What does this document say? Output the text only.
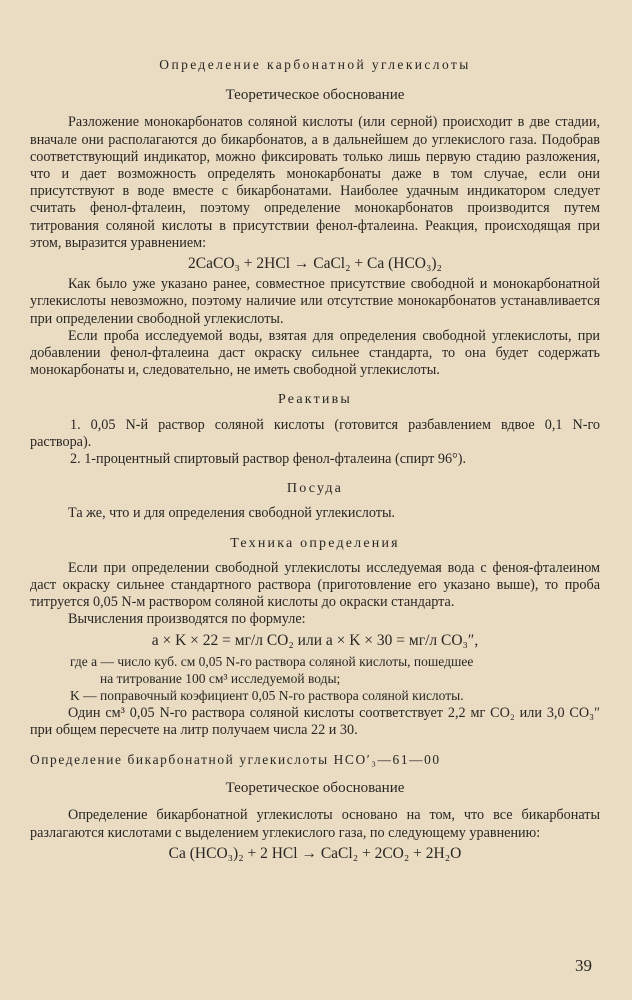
Определение карбонатной углекислоты
Теоретическое обоснование

Разложение монокарбонатов соляной кислоты (или серной) происходит в две стадии, вначале они располагаются до бикарбонатов, а в дальнейшем до углекислого газа. Подобрав соответствующий индикатор, можно фиксировать только лишь первую стадию разложения, что и дает возможность определять монокарбонаты даже в том случае, если они присутствуют в воде вместе с бикарбонатами. Наиболее удачным индикатором следует считать фенол-фталеин, поэтому определение монокарбонатов производится путем титрования соляной кислоты в присутствии фенол-фталеина. Реакция, происходящая при этом, выразится уравнением:

2CaCO₃ + 2HCl → CaCl₂ + Ca (HCO₃)₂

Как было уже указано ранее, совместное присутствие свободной и монокарбонатной углекислоты невозможно, поэтому наличие или отсутствие монокарбонатов устанавливается при определении свободной углекислоты.

Если проба исследуемой воды, взятая для определения свободной углекислоты, при добавлении фенол-фталеина даст окраску сильнее стандарта, то она будет содержать монокарбонаты и, следовательно, не иметь свободной углекислоты.

Реактивы

1. 0,05 N-й раствор соляной кислоты (готовится разбавлением вдвое 0,1 N-го раствора).

2. 1-процентный спиртовый раствор фенол-фталеина (спирт 96°).

Посуда

Та же, что и для определения свободной углекислоты.

Техника определения

Если при определении свободной углекислоты исследуемая вода с феноя-фталеином даст окраску сильнее стандартного раствора (приготовление его указано выше), то проба титруется 0,05 N-м раствором соляной кислоты до окраски стандарта.

Вычисления производятся по формуле:

a × K × 22 = мг/л CO₂ или a × K × 30 = мг/л CO₃″,
где a — число куб. см 0,05 N-го раствора соляной кислоты, пошедшее
на титрование 100 см³ исследуемой воды;
K — поправочный коэфициент 0,05 N-го раствора соляной кислоты.

Один см³ 0,05 N-го раствора соляной кислоты соответствует 2,2 мг CO₂ или 3,0 CO₃″ при общем пересчете на литр получаем числа 22 и 30.

Определение бикарбонатной углекислоты HCO′₃—61—00
Теоретическое обоснование

Определение бикарбонатной углекислоты основано на том, что все бикарбонаты разлагаются кислотами с выделением углекислого газа, по следующему уравнению:

Ca (HCO₃)₂ + 2 HCl → CaCl₂ + 2CO₂ + 2H₂O
39
